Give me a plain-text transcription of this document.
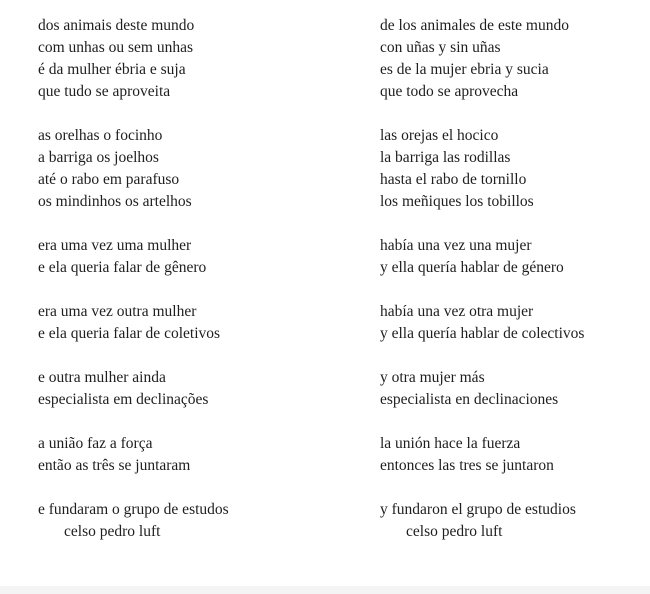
dos animais deste mundo
com unhas ou sem unhas
é da mulher ébria e suja
que tudo se aproveita
as orelhas o focinho
a barriga os joelhos
até o rabo em parafuso
os mindinhos os artelhos
era uma vez uma mulher
e ela queria falar de gênero
era uma vez outra mulher
e ela queria falar de coletivos
e outra mulher ainda
especialista em declinações
a união faz a força
então as três se juntaram
e fundaram o grupo de estudos
celso pedro luft
de los animales de este mundo
con uñas y sin uñas
es de la mujer ebria y sucia
que todo se aprovecha
las orejas el hocico
la barriga las rodillas
hasta el rabo de tornillo
los meñiques los tobillos
había una vez una mujer
y ella quería hablar de género
había una vez otra mujer
y ella quería hablar de colectivos
y otra mujer más
especialista en declinaciones
la unión hace la fuerza
entonces las tres se juntaron
y fundaron el grupo de estudios
celso pedro luft
